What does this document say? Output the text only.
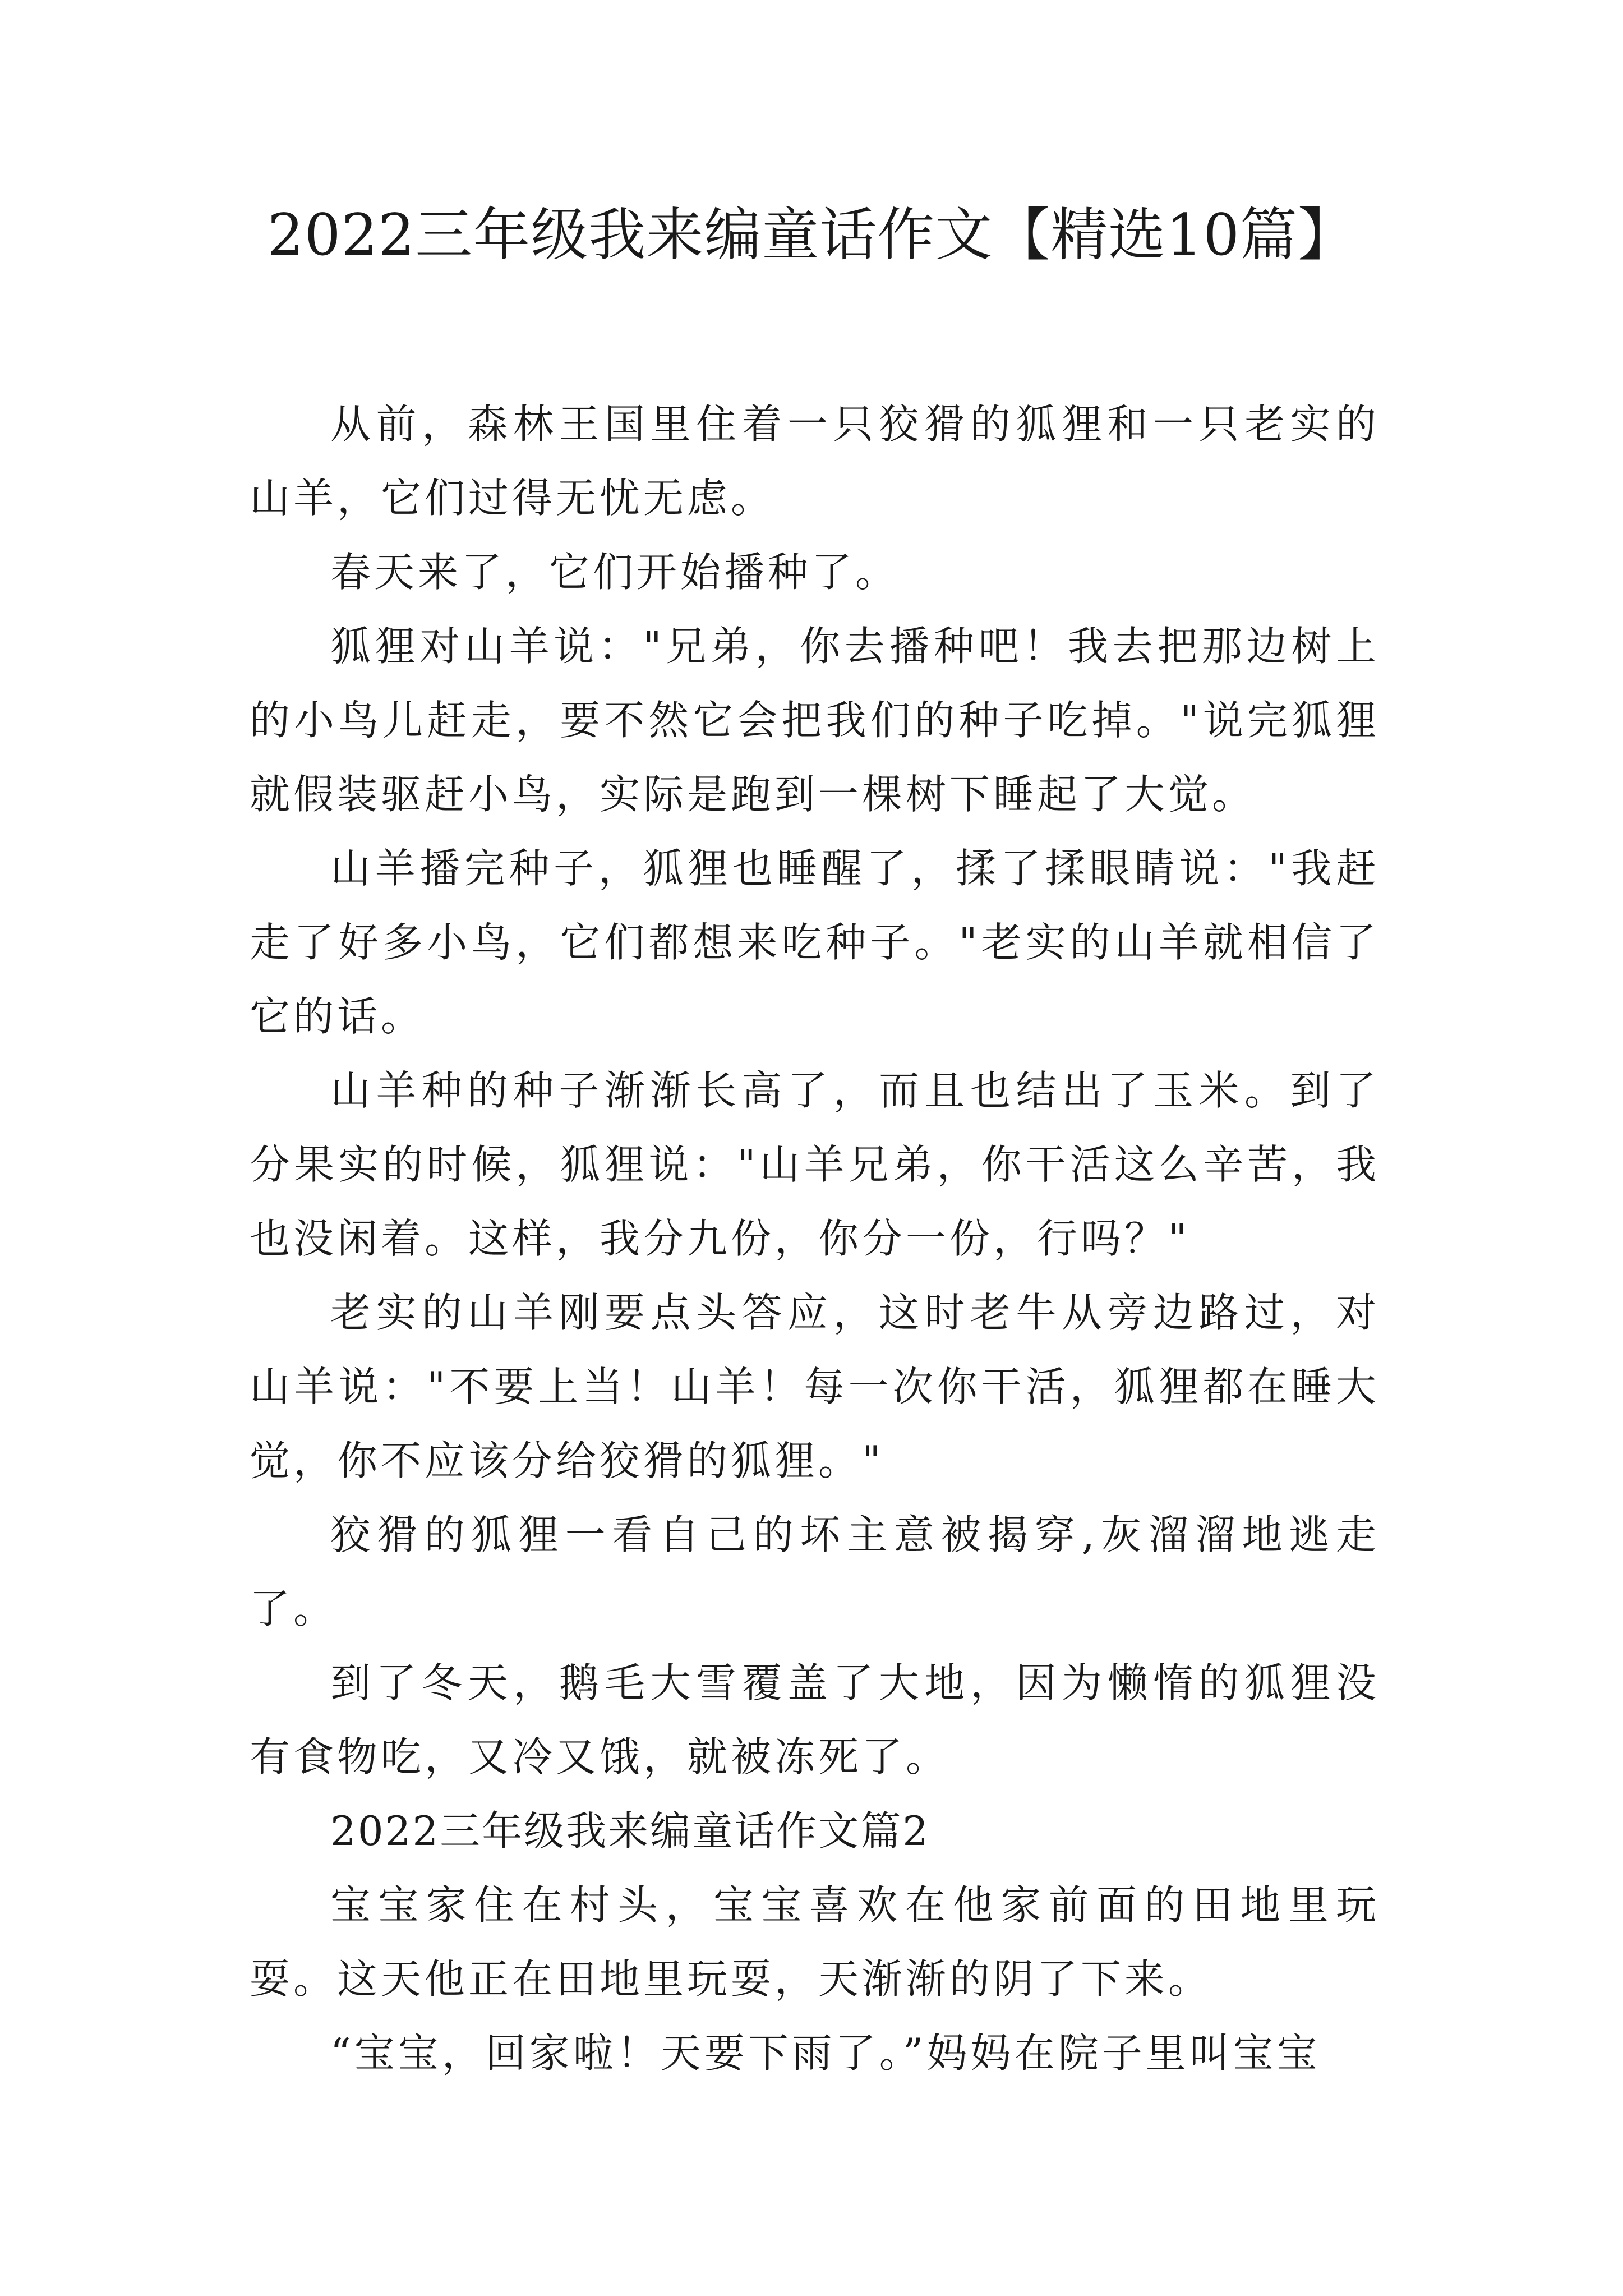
2022三年级我来编童话作文【精选10篇】

从前，森林王国里住着一只狡猾的狐狸和一只老实的山羊，它们过得无忧无虑。

春天来了，它们开始播种了。

狐狸对山羊说："兄弟，你去播种吧！我去把那边树上的小鸟儿赶走，要不然它会把我们的种子吃掉。"说完狐狸就假装驱赶小鸟，实际是跑到一棵树下睡起了大觉。

山羊播完种子，狐狸也睡醒了，揉了揉眼睛说："我赶走了好多小鸟，它们都想来吃种子。"老实的山羊就相信了它的话。

山羊种的种子渐渐长高了，而且也结出了玉米。到了分果实的时候，狐狸说："山羊兄弟，你干活这么辛苦，我也没闲着。这样，我分九份，你分一份，行吗？"

老实的山羊刚要点头答应，这时老牛从旁边路过，对山羊说："不要上当！山羊！每一次你干活，狐狸都在睡大觉，你不应该分给狡猾的狐狸。"

狡猾的狐狸一看自己的坏主意被揭穿,灰溜溜地逃走了。

到了冬天，鹅毛大雪覆盖了大地，因为懒惰的狐狸没有食物吃，又冷又饿，就被冻死了。

2022三年级我来编童话作文篇2

宝宝家住在村头，宝宝喜欢在他家前面的田地里玩耍。这天他正在田地里玩耍，天渐渐的阴了下来。

“宝宝，回家啦！天要下雨了。”妈妈在院子里叫宝宝
